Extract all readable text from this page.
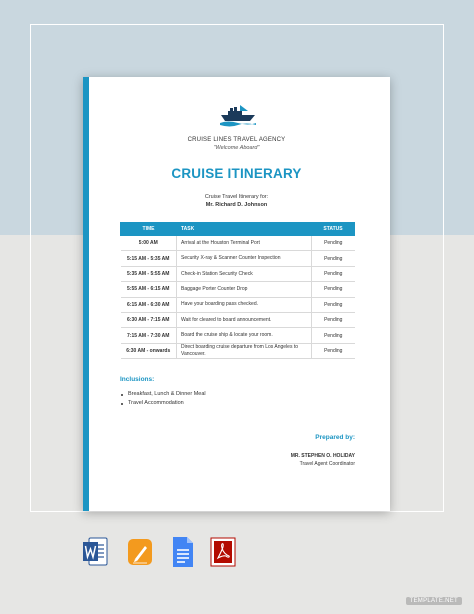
CRUISE LINES TRAVEL AGENCY
"Welcome Aboard"
CRUISE ITINERARY
Cruise Travel Itinerary for:
Mr. Richard D. Johnson
TIME	TASK	STATUS
5:00 AM	Arrival at the Houston Terminal Port	Pending
5:15 AM - 5:35 AM	Security X-ray & Scanner Counter Inspection	Pending
5:35 AM - 5:55 AM	Check-in Station Security Check	Pending
5:55 AM - 6:15 AM	Baggage Porter Counter Drop	Pending
6:15 AM - 6:30 AM	Have your boarding pass checked.	Pending
6:30 AM - 7:15 AM	Wait for cleared to board announcement.	Pending
7:15 AM - 7:30 AM	Board the cruise ship & locate your room.	Pending
6:30 AM - onwards	Direct boarding cruise departure from Los Angeles to Vancouver.	Pending
Inclusions:
Breakfast, Lunch & Dinner Meal
Travel Accommodation
Prepared by:
MR. STEPHEN O. HOLIDAY
Travel Agent Coordinator
TEMPLATE.NET
